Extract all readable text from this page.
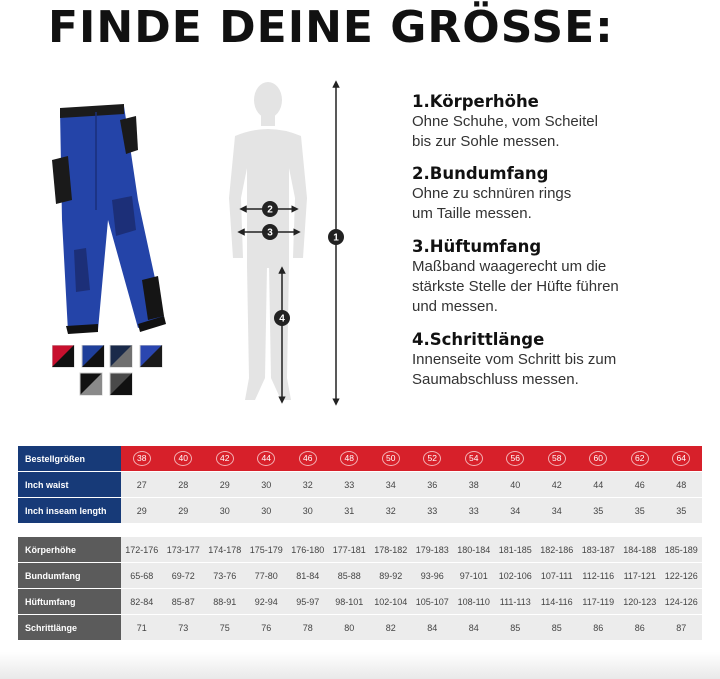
FINDE DEINE GRÖSSE:
1
2
3
4
1.Körperhöhe
Ohne Schuhe, vom Scheitel
bis zur Sohle messen.
2.Bundumfang
Ohne zu schnüren rings
um Taille messen.
3.Hüftumfang
Maßband waagerecht um die
stärkste Stelle der Hüfte führen
und messen.
4.Schrittlänge
Innenseite vom Schritt bis zum
Saumabschluss messen.
Bestellgrößen	38	40	42	44	46	48	50	52	54	56	58	60	62	64
Inch waist	27	28	29	30	32	33	34	36	38	40	42	44	46	48
Inch inseam length	29	29	30	30	30	31	32	33	33	34	34	35	35	35
Körperhöhe	172-176	173-177	174-178	175-179	176-180	177-181	178-182	179-183	180-184	181-185	182-186	183-187	184-188	185-189
Bundumfang	65-68	69-72	73-76	77-80	81-84	85-88	89-92	93-96	97-101	102-106	107-111	112-116	117-121	122-126
Hüftumfang	82-84	85-87	88-91	92-94	95-97	98-101	102-104	105-107	108-110	111-113	114-116	117-119	120-123	124-126
Schrittlänge	71	73	75	76	78	80	82	84	84	85	85	86	86	87
